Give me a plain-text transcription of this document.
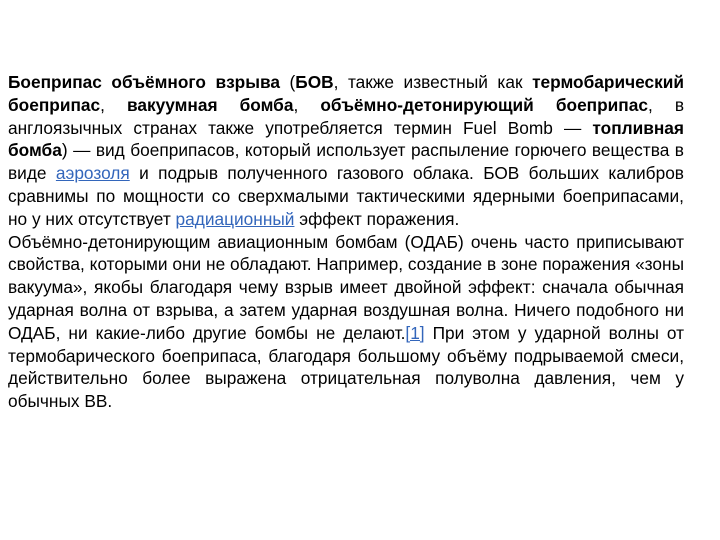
Боеприпас объёмного взрыва (БОВ, также известный как термобарический боеприпас, вакуумная бомба, объёмно-детонирующий боеприпас, в англоязычных странах также употребляется термин Fuel Bomb — топливная бомба) — вид боеприпасов, который использует распыление горючего вещества в виде аэрозоля и подрыв полученного газового облака. БОВ больших калибров сравнимы по мощности со сверхмалыми тактическими ядерными боеприпасами, но у них отсутствует радиационный эффект поражения.

Объёмно-детонирующим авиационным бомбам (ОДАБ) очень часто приписывают свойства, которыми они не обладают. Например, создание в зоне поражения «зоны вакуума», якобы благодаря чему взрыв имеет двойной эффект: сначала обычная ударная волна от взрыва, а затем ударная воздушная волна. Ничего подобного ни ОДАБ, ни какие-либо другие бомбы не делают.[1] При этом у ударной волны от термобарического боеприпаса, благодаря большому объёму подрываемой смеси, действительно более выражена отрицательная полуволна давления, чем у обычных ВВ.
